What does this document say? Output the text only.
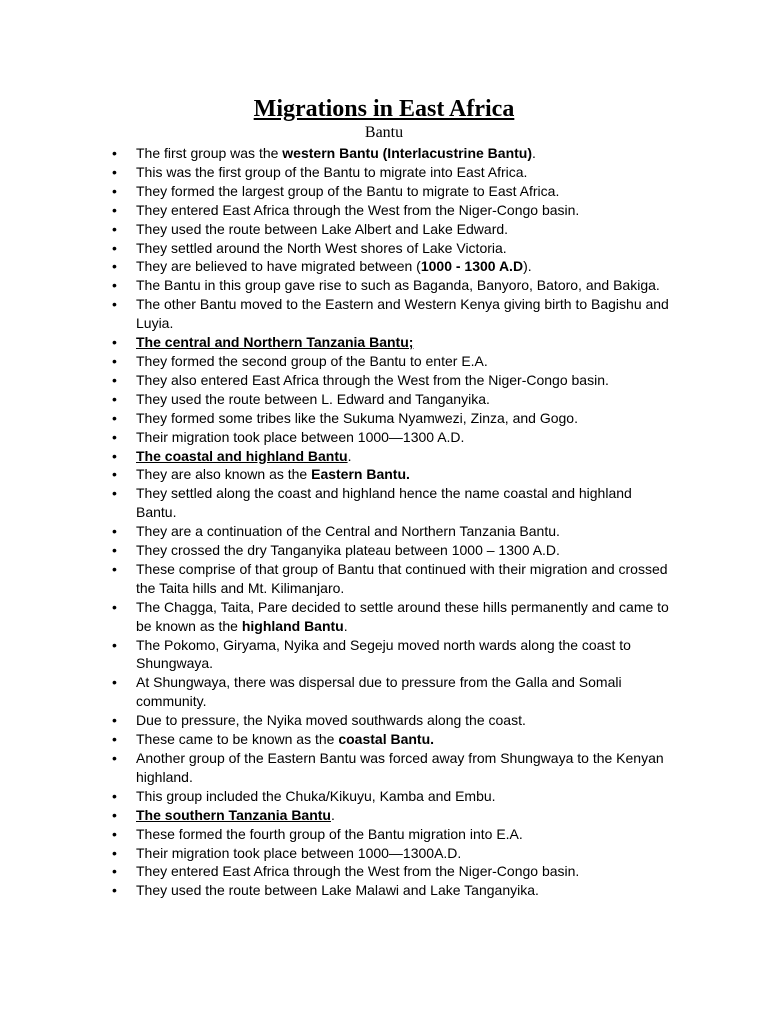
Migrations in East Africa
Bantu
• The first group was the western Bantu (Interlacustrine Bantu).
• This was the first group of the Bantu to migrate into East Africa.
• They formed the largest group of the Bantu to migrate to East Africa.
• They entered East Africa through the West from the Niger-Congo basin.
• They used the route between Lake Albert and Lake Edward.
• They settled around the North West shores of Lake Victoria.
• They are believed to have migrated between (1000 - 1300 A.D).
• The Bantu in this group gave rise to such as Baganda, Banyoro, Batoro, and Bakiga.
• The other Bantu moved to the Eastern and Western Kenya giving birth to Bagishu and Luyia.
• The central and Northern Tanzania Bantu;
• They formed the second group of the Bantu to enter E.A.
• They also entered East Africa through the West from the Niger-Congo basin.
• They used the route between L. Edward and Tanganyika.
• They formed some tribes like the Sukuma Nyamwezi, Zinza, and Gogo.
• Their migration took place between 1000—1300 A.D.
• The coastal and highland Bantu.
• They are also known as the Eastern Bantu.
• They settled along the coast and highland hence the name coastal and highland Bantu.
• They are a continuation of the Central and Northern Tanzania Bantu.
• They crossed the dry Tanganyika plateau between 1000 – 1300 A.D.
• These comprise of that group of Bantu that continued with their migration and crossed the Taita hills and Mt. Kilimanjaro.
• The Chagga, Taita, Pare decided to settle around these hills permanently and came to be known as the highland Bantu.
• The Pokomo, Giryama, Nyika and Segeju moved north wards along the coast to Shungwaya.
• At Shungwaya, there was dispersal due to pressure from the Galla and Somali community.
• Due to pressure, the Nyika moved southwards along the coast.
• These came to be known as the coastal Bantu.
• Another group of the Eastern Bantu was forced away from Shungwaya to the Kenyan highland.
• This group included the Chuka/Kikuyu, Kamba and Embu.
• The southern Tanzania Bantu.
• These formed the fourth group of the Bantu migration into E.A.
• Their migration took place between 1000—1300A.D.
• They entered East Africa through the West from the Niger-Congo basin.
• They used the route between Lake Malawi and Lake Tanganyika.
